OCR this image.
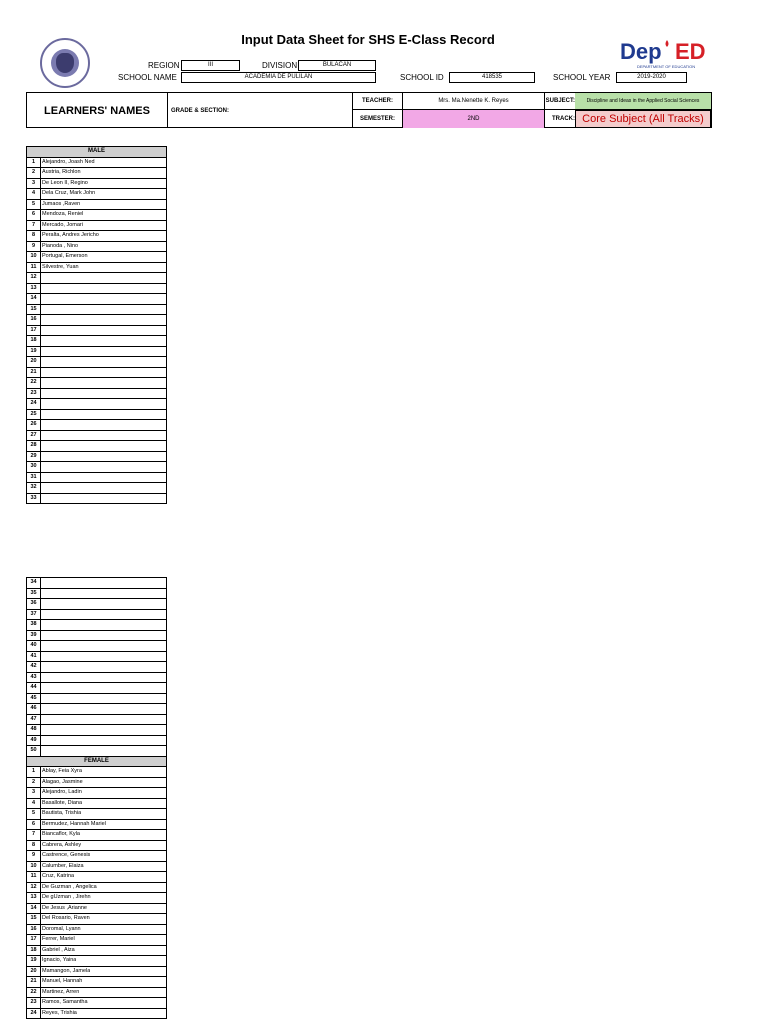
Input Data Sheet for SHS E-Class Record	Dep ED
DEPARTMENT OF EDUCATION
REGION	III	DIVISION	BULACAN
SCHOOL NAME	ACADEMIA DE PULILAN	SCHOOL ID	418535	SCHOOL YEAR	2019-2020
LEARNERS' NAMES	GRADE & SECTION:
TEACHER:	Mrs. Ma.Nenette K. Reyes	SUBJECT:	Discipline and Ideas in the Applied Social Sciences
SEMESTER:	2ND	TRACK: Core Subject (All Tracks)
MALE
1	Alejandro, Joash Ned
2	Austria, Richlon
3	De Leon II, Regino
4	Dela Cruz, Mark John
5	Jumaos ,Raven
6	Mendoza, Reniel
7	Mercado, Jomari
8	Peralta, Andres Jericho
9	Pianoda , Nino
10 Portugal, Emerson
11	Silvestre, Yuan
12
13
14
15
16
17
18
19
20
21
22
23
24
25
26
27
28
29
30
31
32
33
34
35
36
37
38
39
40
41
42
43
44
45
46
47
48
49
50
FEMALE
1	Ablay, Feia Xyra
2	Alagao, Jasmine
3	Alejandro, Ladin
4	Basallote, Diana
5	Bautista, Trishia
6	Bermudez, Hannah Mariel
7	Biancaflor, Kyla
8	Cabrera, Ashley
9	Castrence, Genesis
10 Calumber, Elaiza
11	Cruz, Katrina
12 De Guzman , Angelica
13 De gUzman , Jirehn
14 De Jesus ,Arianne
15 Del Rosario, Raven
16 Doromal, Lyann
17 Ferrer, Mariel
18 Gabriel , Aiza
19 Ignacio, Yaina
20 Mamangon, Jamela
21 Manuel, Hannah
22 Martinez, Arren
23 Ramos, Samantha
24 Reyes, Trishia
